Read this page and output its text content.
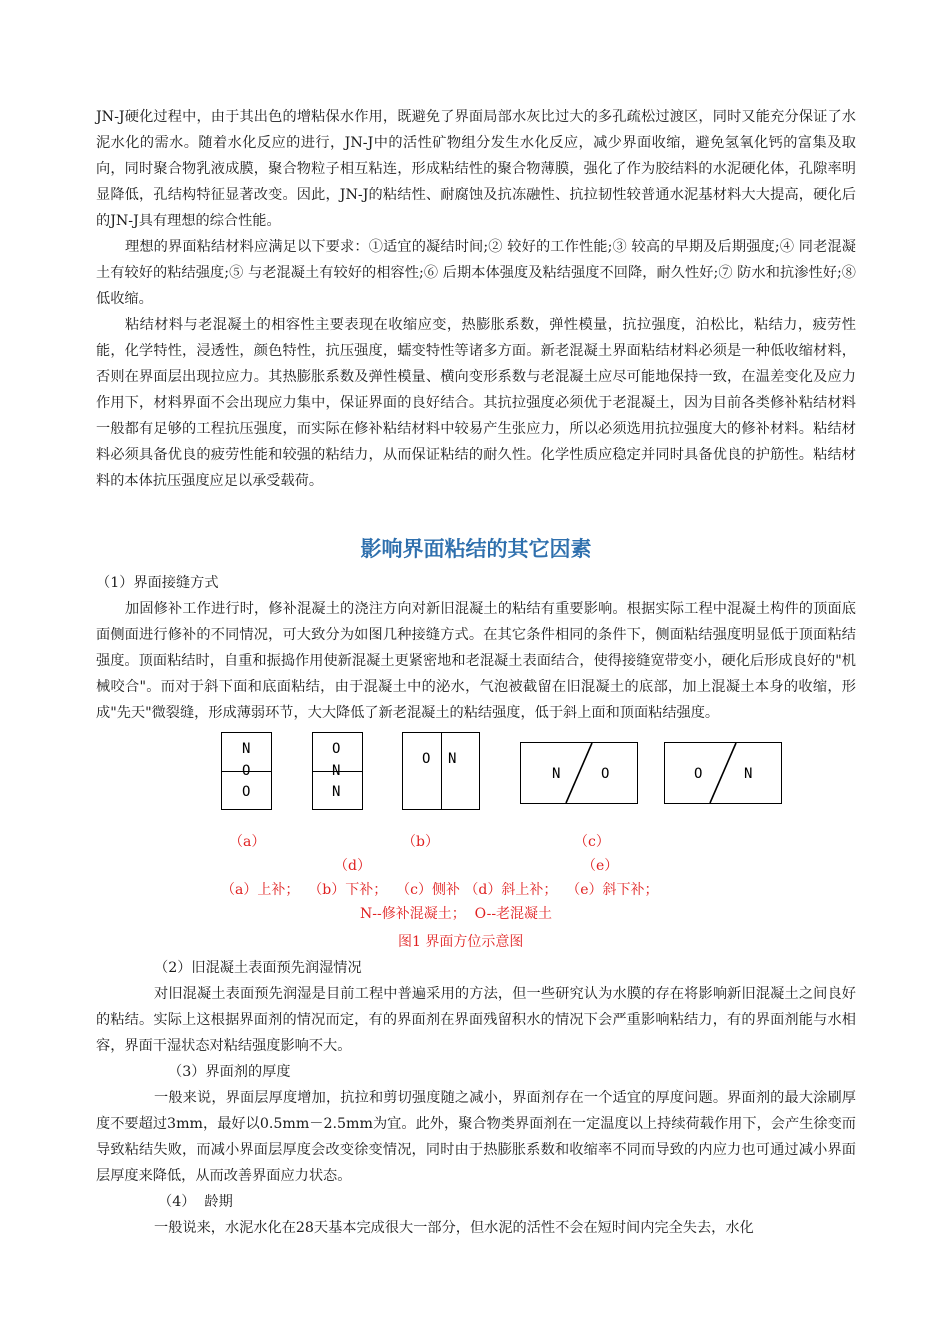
JN-J硬化过程中，由于其出色的增粘保水作用，既避免了界面局部水灰比过大的多孔疏松过渡区，同时又能充分保证了水泥水化的需水。随着水化反应的进行，JN-J中的活性矿物组分发生水化反应，减少界面收缩，避免氢氧化钙的富集及取向，同时聚合物乳液成膜，聚合物粒子相互粘连，形成粘结性的聚合物薄膜，强化了作为胶结料的水泥硬化体，孔隙率明显降低，孔结构特征显著改变。因此，JN-J的粘结性、耐腐蚀及抗冻融性、抗拉韧性较普通水泥基材料大大提高，硬化后的JN-J具有理想的综合性能。

理想的界面粘结材料应满足以下要求：①适宜的凝结时间;② 较好的工作性能;③ 较高的早期及后期强度;④ 同老混凝土有较好的粘结强度;⑤ 与老混凝土有较好的相容性;⑥ 后期本体强度及粘结强度不回降，耐久性好;⑦ 防水和抗渗性好;⑧ 低收缩。

粘结材料与老混凝土的相容性主要表现在收缩应变，热膨胀系数，弹性模量，抗拉强度，泊松比，粘结力，疲劳性能，化学特性，浸透性，颜色特性，抗压强度，蠕变特性等诸多方面。新老混凝土界面粘结材料必须是一种低收缩材料，否则在界面层出现拉应力。其热膨胀系数及弹性模量、横向变形系数与老混凝土应尽可能地保持一致，在温差变化及应力作用下，材料界面不会出现应力集中，保证界面的良好结合。其抗拉强度必须优于老混凝土，因为目前各类修补粘结材料一般都有足够的工程抗压强度，而实际在修补粘结材料中较易产生张应力，所以必须选用抗拉强度大的修补材料。粘结材料必须具备优良的疲劳性能和较强的粘结力，从而保证粘结的耐久性。化学性质应稳定并同时具备优良的护筋性。粘结材料的本体抗压强度应足以承受载荷。

影响界面粘结的其它因素

（1）界面接缝方式

加固修补工作进行时，修补混凝土的浇注方向对新旧混凝土的粘结有重要影响。根据实际工程中混凝土构件的顶面底面侧面进行修补的不同情况，可大致分为如图几种接缝方式。在其它条件相同的条件下，侧面粘结强度明显低于顶面粘结强度。顶面粘结时，自重和振捣作用使新混凝土更紧密地和老混凝土表面结合，使得接缝宽带变小，硬化后形成良好的"机械咬合"。而对于斜下面和底面粘结，由于混凝土中的泌水，气泡被截留在旧混凝土的底部，加上混凝土本身的收缩，形成"先天"微裂缝，形成薄弱环节，大大降低了新老混凝土的粘结强度，低于斜上面和顶面粘结强度。

N
O
O
O
N
N
O N
N	O	O	N
（a）	（b）	（c）
（d）	（e）
（a）上补；  （b）下补；  （c）侧补 （d）斜上补；  （e）斜下补；
N--修补混凝土；  O--老混凝土
图1 界面方位示意图

（2）旧混凝土表面预先润湿情况

对旧混凝土表面预先润湿是目前工程中普遍采用的方法，但一些研究认为水膜的存在将影响新旧混凝土之间良好的粘结。实际上这根据界面剂的情况而定，有的界面剂在界面残留积水的情况下会严重影响粘结力，有的界面剂能与水相容，界面干湿状态对粘结强度影响不大。

（3）界面剂的厚度

一般来说，界面层厚度增加，抗拉和剪切强度随之减小，界面剂存在一个适宜的厚度问题。界面剂的最大涂刷厚度不要超过3mm，最好以0.5mm－2.5mm为宜。此外，聚合物类界面剂在一定温度以上持续荷载作用下，会产生徐变而导致粘结失败，而减小界面层厚度会改变徐变情况，同时由于热膨胀系数和收缩率不同而导致的内应力也可通过减小界面层厚度来降低，从而改善界面应力状态。

（4）  龄期

一般说来，水泥水化在28天基本完成很大一部分，但水泥的活性不会在短时间内完全失去，水化
